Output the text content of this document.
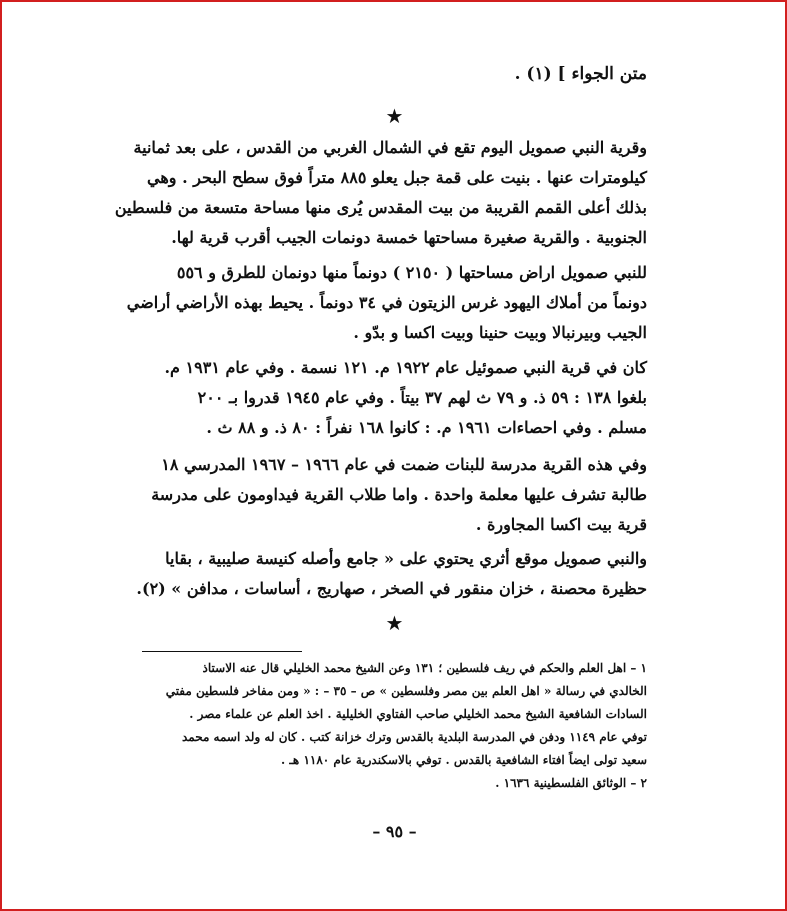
متن الجواء ] (١) .
★
وقرية النبي صمويل اليوم تقع في الشمال الغربي من القدس ، على بعد ثمانية
كيلومترات عنها . بنيت على قمة جبل يعلو ٨٨٥ متراً فوق سطح البحر . وهي
بذلك أعلى القمم القريبة من بيت المقدس يُرى منها مساحة متسعة من فلسطين
الجنوبية . والقرية صغيرة مساحتها خمسة دونمات الجيب أقرب قرية لها.
للنبي صمويل اراض مساحتها ( ٢١٥٠ ) دونماً منها دونمان للطرق و ٥٥٦
دونماً من أملاك اليهود غرس الزيتون في ٣٤ دونماً . يحيط بهذه الأراضي أراضي
الجيب وبيرنبالا وبيت حنينا وبيت اكسا و بدّو .
كان في قرية النبي صموئيل عام ١٩٢٢ م. ١٢١ نسمة . وفي عام ١٩٣١ م.
بلغوا ١٣٨ : ٥٩ ذ. و ٧٩ ث لهم ٣٧ بيتاً . وفي عام ١٩٤٥ قدروا بـ ٢٠٠
مسلم . وفي احصاءات ١٩٦١ م. : كانوا ١٦٨ نفراً : ٨٠ ذ. و ٨٨ ث .
وفي هذه القرية مدرسة للبنات ضمت في عام ١٩٦٦ – ١٩٦٧ المدرسي ١٨
طالبة تشرف عليها معلمة واحدة . واما طلاب القرية فيداومون على مدرسة
قرية بيت اكسا المجاورة .
والنبي صمويل موقع أثري يحتوي على « جامع وأصله كنيسة صليبية ، بقايا
حظيرة محصنة ، خزان منقور في الصخر ، صهاريج ، أساسات ، مدافن » (٢).
★
١ – اهل العلم والحكم في ريف فلسطين ؛ ١٣١ وعن الشيخ محمد الخليلي قال عنه الاستاذ
الخالدي في رسالة « اهل العلم بين مصر وفلسطين » ص – ٣٥ – : « ومن مفاخر فلسطين مفتي
السادات الشافعية الشيخ محمد الخليلي صاحب الفتاوي الخليلية . اخذ العلم عن علماء مصر .
توفي عام ١١٤٩ ودفن في المدرسة البلدية بالقدس وترك خزانة كتب . كان له ولد اسمه محمد
سعيد تولى ايضاً افتاء الشافعية بالقدس . توفي بالاسكندرية عام ١١٨٠ هـ .
٢ – الوثائق الفلسطينية ١٦٣٦ .
– ٩٥ –
